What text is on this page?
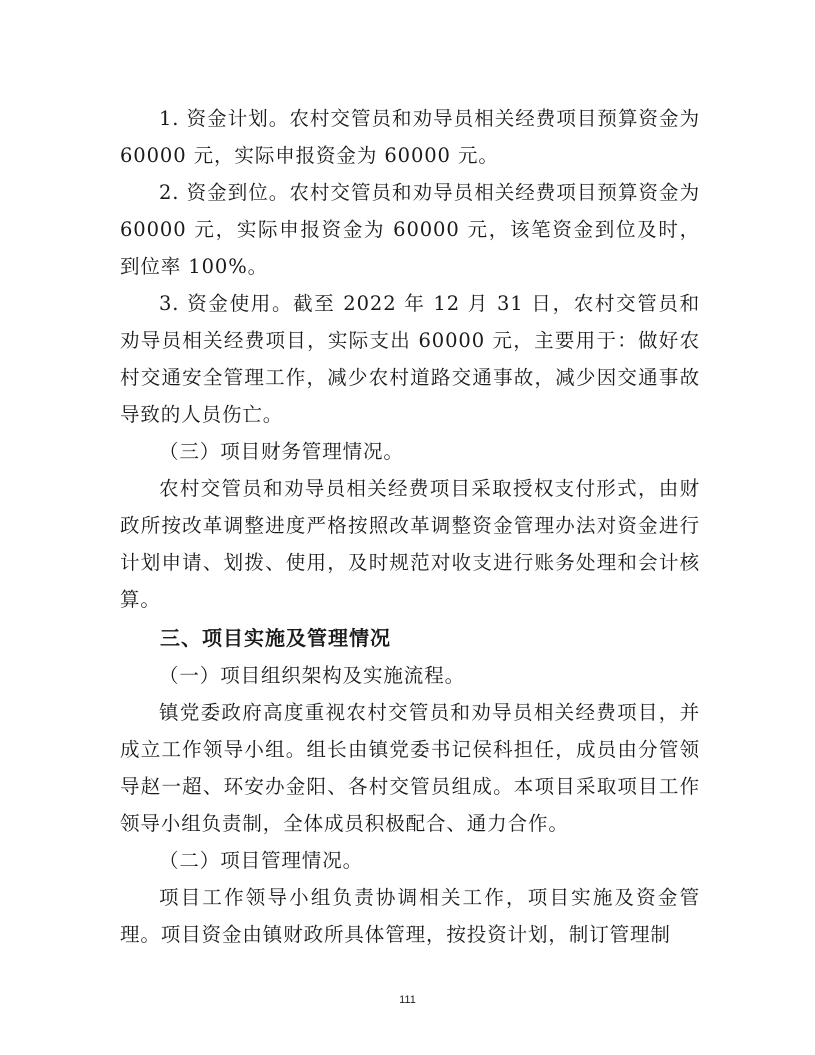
1. 资金计划。农村交管员和劝导员相关经费项目预算资金为 60000 元，实际申报资金为 60000 元。

2. 资金到位。农村交管员和劝导员相关经费项目预算资金为 60000 元，实际申报资金为 60000 元，该笔资金到位及时，到位率 100%。

3. 资金使用。截至 2022 年 12 月 31 日，农村交管员和劝导员相关经费项目，实际支出 60000 元，主要用于：做好农村交通安全管理工作，减少农村道路交通事故，减少因交通事故导致的人员伤亡。

（三）项目财务管理情况。

农村交管员和劝导员相关经费项目采取授权支付形式，由财政所按改革调整进度严格按照改革调整资金管理办法对资金进行计划申请、划拨、使用，及时规范对收支进行账务处理和会计核算。

三、项目实施及管理情况

（一）项目组织架构及实施流程。

镇党委政府高度重视农村交管员和劝导员相关经费项目，并成立工作领导小组。组长由镇党委书记侯科担任，成员由分管领导赵一超、环安办金阳、各村交管员组成。本项目采取项目工作领导小组负责制，全体成员积极配合、通力合作。

（二）项目管理情况。

项目工作领导小组负责协调相关工作，项目实施及资金管理。项目资金由镇财政所具体管理，按投资计划，制订管理制

111
